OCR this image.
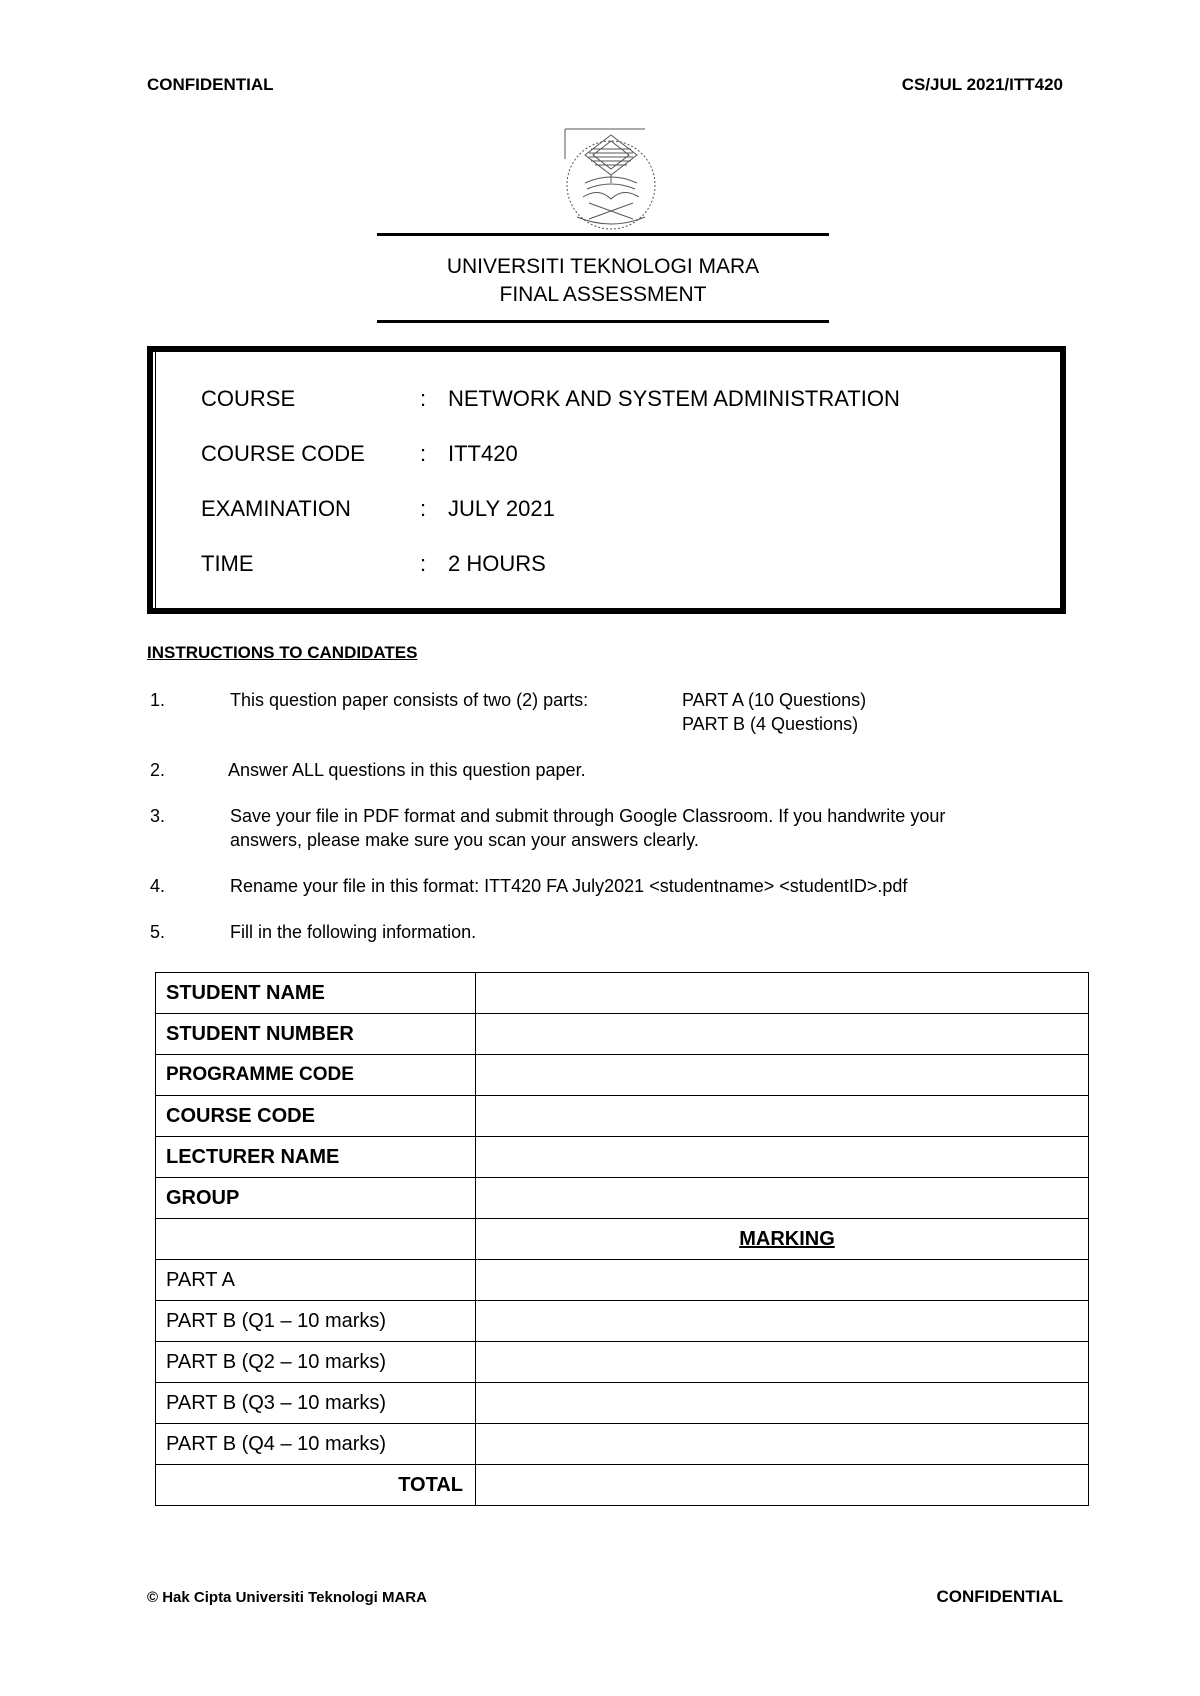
CONFIDENTIAL	CS/JUL 2021/ITT420
UNIVERSITI TEKNOLOGI MARA
FINAL ASSESSMENT
COURSE	: NETWORK AND SYSTEM ADMINISTRATION
COURSE CODE	: ITT420
EXAMINATION	: JULY 2021
TIME	: 2 HOURS
INSTRUCTIONS TO CANDIDATES
1.	This question paper consists of two (2) parts:	PART A (10 Questions)
PART B (4 Questions)
2.	Answer ALL questions in this question paper.
3.	Save your file in PDF format and submit through Google Classroom. If you handwrite your
answers, please make sure you scan your answers clearly.
4.	Rename your file in this format: ITT420 FA July2021 <studentname> <studentID>.pdf
5.	Fill in the following information.
STUDENT NAME	
STUDENT NUMBER	
PROGRAMME CODE	
COURSE CODE	
LECTURER NAME	
GROUP	
	MARKING
PART A	
PART B (Q1 – 10 marks)	
PART B (Q2 – 10 marks)	
PART B (Q3 – 10 marks)	
PART B (Q4 – 10 marks)	
TOTAL	
© Hak Cipta Universiti Teknologi MARA	CONFIDENTIAL
